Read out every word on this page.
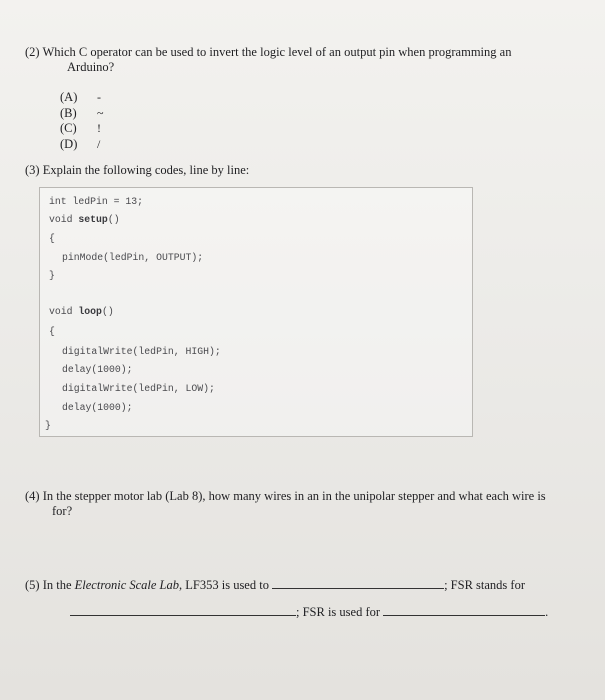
(2) Which C operator can be used to invert the logic level of an output pin when programming an
Arduino?
(A)	-
(B)	~
(C)	!
(D)	/
(3) Explain the following codes, line by line:
int ledPin = 13;
void setup()
{
pinMode(ledPin, OUTPUT);
}
void loop()
{
digitalWrite(ledPin, HIGH);
delay(1000);
digitalWrite(ledPin, LOW);
delay(1000);
}
(4) In the stepper motor lab (Lab 8), how many wires in an in the unipolar stepper and what each wire is
for?
(5) In the Electronic Scale Lab, LF353 is used to	; FSR stands for
; FSR is used for	.
